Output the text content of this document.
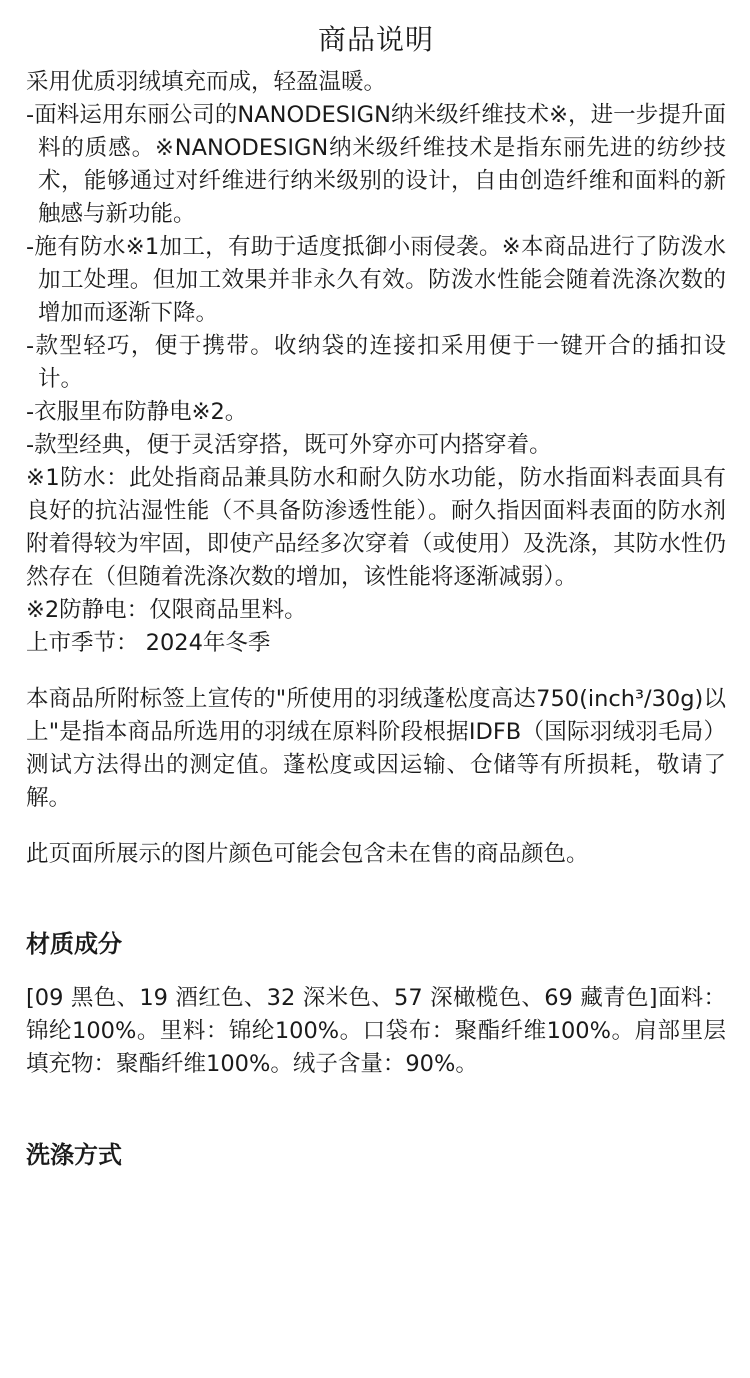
商品说明

采用优质羽绒填充而成，轻盈温暖。

-面料运用东丽公司的NANODESIGN纳米级纤维技术※，进一步提升面料的质感。※NANODESIGN纳米级纤维技术是指东丽先进的纺纱技术，能够通过对纤维进行纳米级别的设计，自由创造纤维和面料的新触感与新功能。

-施有防水※1加工，有助于适度抵御小雨侵袭。※本商品进行了防泼水加工处理。但加工效果并非永久有效。防泼水性能会随着洗涤次数的增加而逐渐下降。

-款型轻巧，便于携带。收纳袋的连接扣采用便于一键开合的插扣设计。

-衣服里布防静电※2。

-款型经典，便于灵活穿搭，既可外穿亦可内搭穿着。

※1防水：此处指商品兼具防水和耐久防水功能，防水指面料表面具有良好的抗沾湿性能（不具备防渗透性能）。耐久指因面料表面的防水剂附着得较为牢固，即使产品经多次穿着（或使用）及洗涤，其防水性仍然存在（但随着洗涤次数的增加，该性能将逐渐减弱）。

※2防静电：仅限商品里料。

上市季节： 2024年冬季

本商品所附标签上宣传的"所使用的羽绒蓬松度高达750(inch³/30g)以上"是指本商品所选用的羽绒在原料阶段根据IDFB（国际羽绒羽毛局）测试方法得出的测定值。蓬松度或因运输、仓储等有所损耗，敬请了解。

此页面所展示的图片颜色可能会包含未在售的商品颜色。

材质成分

[09 黑色、19 酒红色、32 深米色、57 深橄榄色、69 藏青色]面料：锦纶100%。里料：锦纶100%。口袋布：聚酯纤维100%。肩部里层填充物：聚酯纤维100%。绒子含量：90%。

洗涤方式
